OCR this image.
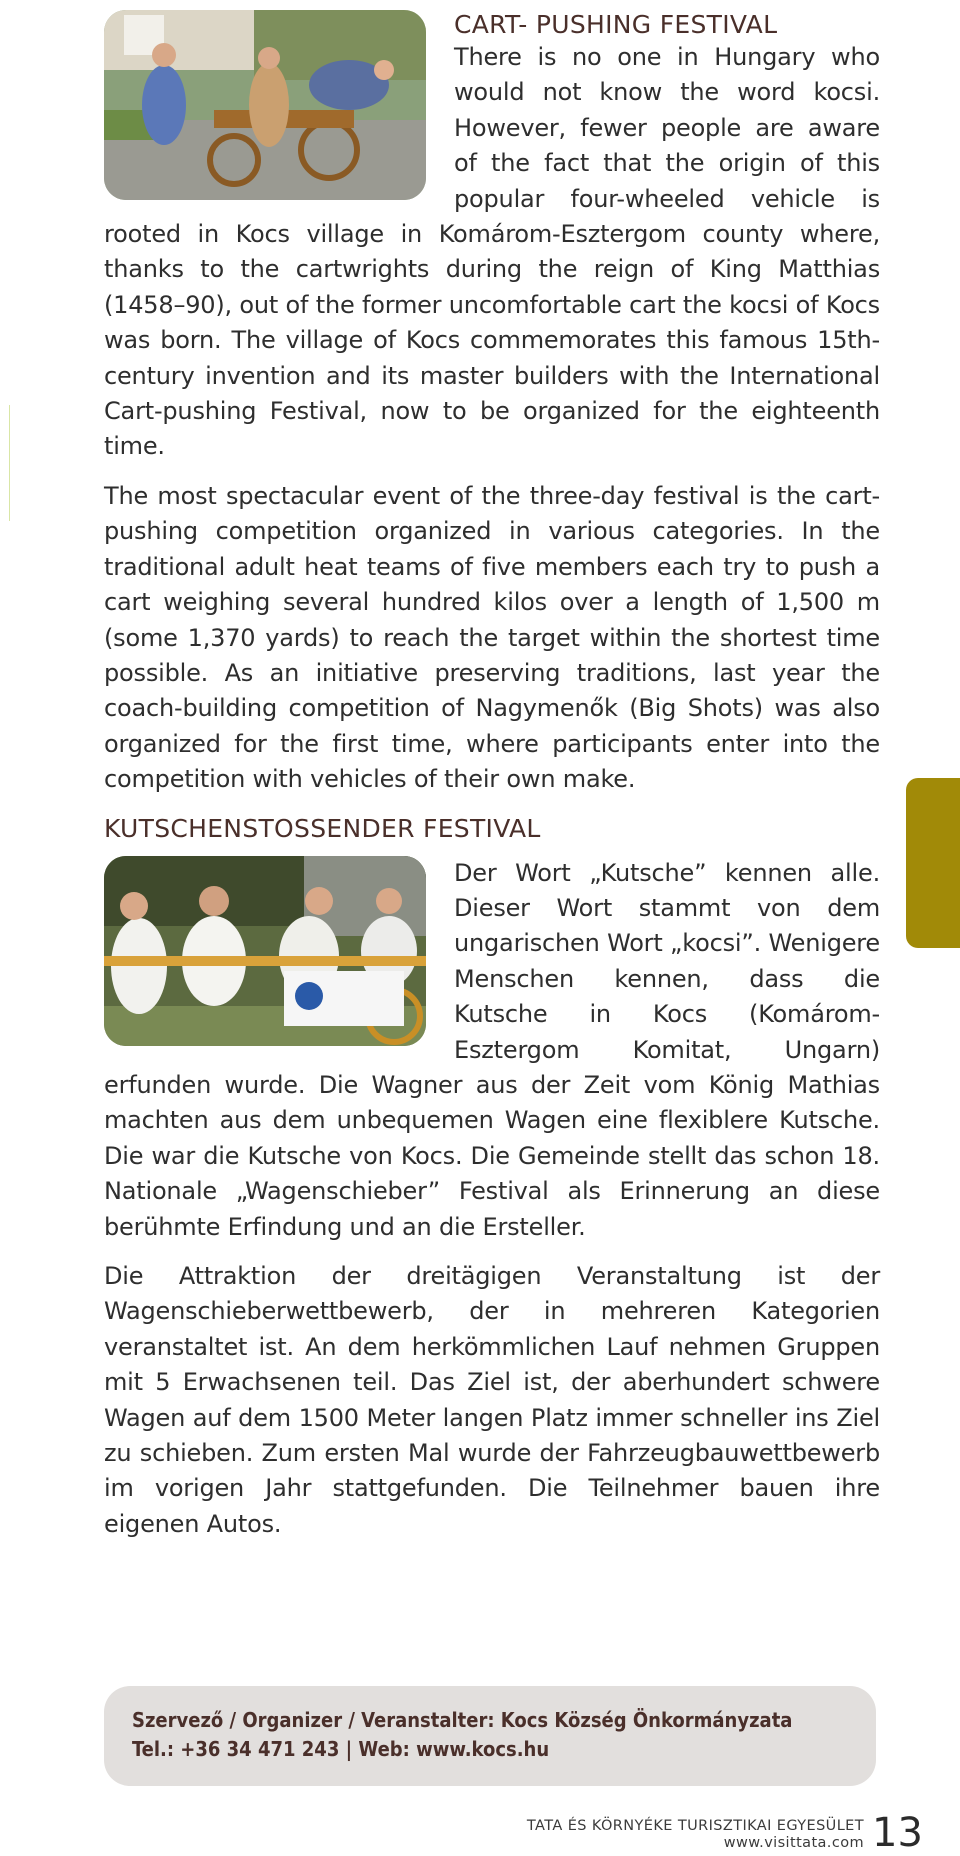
CART- PUSHING FESTIVAL

There is no one in Hungary who would not know the word kocsi. However, fewer people are aware of the fact that the origin of this popular four-wheeled vehicle is rooted in Kocs village in Komárom-Esztergom county where, thanks to the cartwrights during the reign of King Matthias (1458–90), out of the former uncomfortable cart the kocsi of Kocs was born. The village of Kocs commemorates this famous 15th-century invention and its master builders with the International Cart-pushing Festival, now to be organized for the eighteenth time.

The most spectacular event of the three-day festival is the cart-pushing competition organized in various categories. In the traditional adult heat teams of five members each try to push a cart weighing several hundred kilos over a length of 1,500 m (some 1,370 yards) to reach the target within the shortest time possible. As an initiative preserving traditions, last year the coach-building competition of Nagymenők (Big Shots) was also organized for the first time, where participants enter into the competition with vehicles of their own make.

KUTSCHENSTOSSENDER FESTIVAL

Der Wort „Kutsche” kennen alle. Dieser Wort stammt von dem ungarischen Wort „kocsi”. Wenigere Menschen kennen, dass die Kutsche in Kocs (Komárom-Esztergom Komitat, Ungarn) erfunden wurde. Die Wagner aus der Zeit vom König Mathias machten aus dem unbequemen Wagen eine flexiblere Kutsche. Die war die Kutsche von Kocs. Die Gemeinde stellt das schon 18. Nationale „Wagenschieber” Festival als Erinnerung an diese berühmte Erfindung und an die Ersteller.

Die Attraktion der dreitägigen Veranstaltung ist der Wagenschieberwettbewerb, der in mehreren Kategorien veranstaltet ist. An dem herkömmlichen Lauf nehmen Gruppen mit 5 Erwachsenen teil. Das Ziel ist, der aberhundert schwere Wagen auf dem 1500 Meter langen Platz immer schneller ins Ziel zu schieben. Zum ersten Mal wurde der Fahrzeugbauwettbewerb im vorigen Jahr stattgefunden. Die Teilnehmer bauen ihre eigenen Autos.

Szervező / Organizer / Veranstalter: Kocs Község Önkormányzata
Tel.: +36 34 471 243 | Web: www.kocs.hu
TATA ÉS KÖRNYÉKE TURISZTIKAI EGYESÜLET
www.visittata.com 13
